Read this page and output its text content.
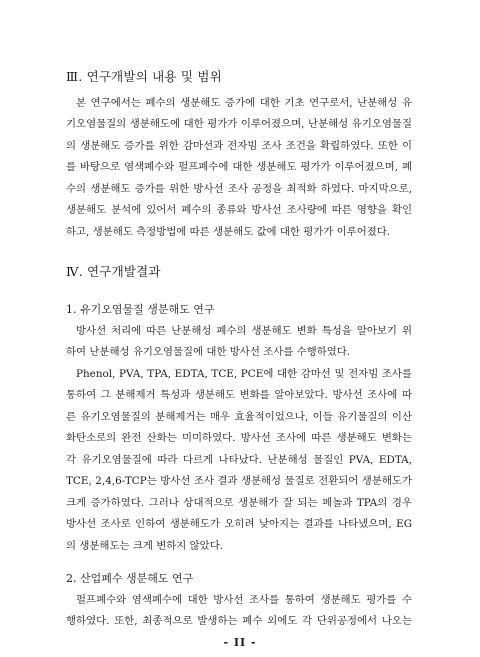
Ⅲ. 연구개발의 내용 및 범위
본 연구에서는 폐수의 생분해도 증가에 대한 기초 연구로서, 난분해성 유
기오염물질의 생분해도에 대한 평가가 이루어졌으며, 난분해성 유기오염물질
의 생분해도 증가를 위한 감마선과 전자빔 조사 조건을 확립하였다. 또한 이
를 바탕으로 염색폐수와 펄프폐수에 대한 생분해도 평가가 이루어졌으며, 폐
수의 생분해도 증가를 위한 방사선 조사 공정을 최적화 하였다. 마지막으로,
생분해도 분석에 있어서 폐수의 종류와 방사선 조사량에 따른 영향을 확인
하고, 생분해도 측정방법에 따른 생분해도 값에 대한 평가가 이루어졌다.
Ⅳ. 연구개발결과
1. 유기오염물질 생분해도 연구
방사선 처리에 따른 난분해성 폐수의 생분해도 변화 특성을 알아보기 위
하여 난분해성 유기오염물질에 대한 방사선 조사를 수행하였다.
Phenol, PVA, TPA, EDTA, TCE, PCE에 대한 감마선 및 전자빔 조사를
통하여 그 분해제거 특성과 생분해도 변화를 알아보았다. 방사선 조사에 따
른 유기오염물질의 분해제거는 매우 효율적이었으나, 이들 유기물질의 이산
화탄소로의 완전 산화는 미미하였다. 방사선 조사에 따른 생분해도 변화는
각 유기오염물질에 따라 다르게 나타났다. 난분해성 물질인 PVA, EDTA,
TCE, 2,4,6-TCP는 방사선 조사 결과 생분해성 물질로 전환되어 생분해도가
크게 증가하였다. 그러나 상대적으로 생분해가 잘 되는 페놀과 TPA의 경우
방사선 조사로 인하여 생분해도가 오히려 낮아지는 결과를 나타냈으며, EG
의 생분해도는 크게 변하지 않았다.
2. 산업폐수 생분해도 연구
펄프폐수와 염색폐수에 대한 방사선 조사를 통하여 생분해도 평가를 수
행하였다. 또한, 최종적으로 발생하는 폐수 외에도 각 단위공정에서 나오는
- II -
